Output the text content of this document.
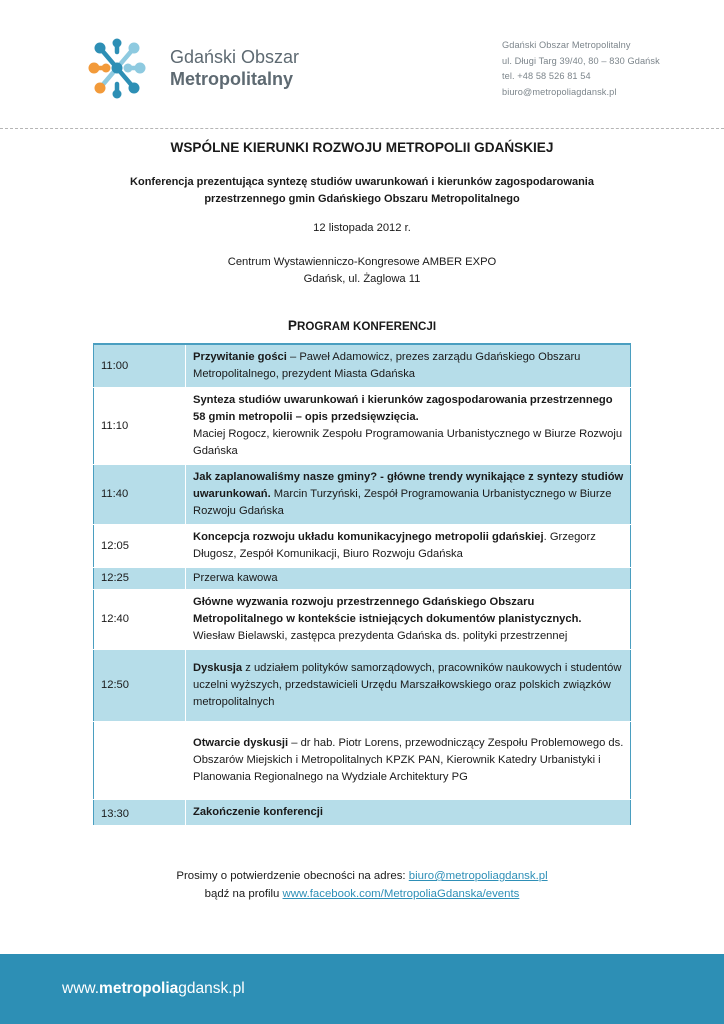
Gdański Obszar
Metropolitalny
Gdański Obszar Metropolitalny
ul. Długi Targ 39/40, 80 – 830 Gdańsk
tel. +48 58 526 81 54
biuro@metropoliagdansk.pl
WSPÓLNE KIERUNKI ROZWOJU METROPOLII GDAŃSKIEJ
Konferencja prezentująca syntezę studiów uwarunkowań i kierunków zagospodarowania
przestrzennego gmin Gdańskiego Obszaru Metropolitalnego
12 listopada 2012 r.
Centrum Wystawienniczo-Kongresowe AMBER EXPO
Gdańsk, ul. Żaglowa 11
PROGRAM KONFERENCJI
11:00	Przywitanie gości – Paweł Adamowicz, prezes zarządu Gdańskiego Obszaru Metropolitalnego, prezydent Miasta Gdańska
11:10	Synteza studiów uwarunkowań i kierunków zagospodarowania przestrzennego 58 gmin metropolii – opis przedsięwzięcia.
Maciej Rogocz, kierownik Zespołu Programowania Urbanistycznego w Biurze Rozwoju Gdańska
11:40	Jak zaplanowaliśmy nasze gminy? - główne trendy wynikające z syntezy studiów uwarunkowań. Marcin Turzyński, Zespół Programowania Urbanistycznego w Biurze Rozwoju Gdańska
12:05	Koncepcja rozwoju układu komunikacyjnego metropolii gdańskiej. Grzegorz Długosz, Zespół Komunikacji, Biuro Rozwoju Gdańska
12:25	Przerwa kawowa
12:40	Główne wyzwania rozwoju przestrzennego Gdańskiego Obszaru Metropolitalnego w kontekście istniejących dokumentów planistycznych.
Wiesław Bielawski, zastępca prezydenta Gdańska ds. polityki przestrzennej
12:50	Dyskusja z udziałem polityków samorządowych, pracowników naukowych i studentów uczelni wyższych, przedstawicieli Urzędu Marszałkowskiego oraz polskich związków metropolitalnych
	Otwarcie dyskusji – dr hab. Piotr Lorens, przewodniczący Zespołu Problemowego ds. Obszarów Miejskich i Metropolitalnych KPZK PAN, Kierownik Katedry Urbanistyki i Planowania Regionalnego na Wydziale Architektury PG
13:30	Zakończenie konferencji
Prosimy o potwierdzenie obecności na adres: biuro@metropoliagdansk.pl
bądź na profilu www.facebook.com/MetropoliaGdanska/events
www.metropoliagdansk.pl
